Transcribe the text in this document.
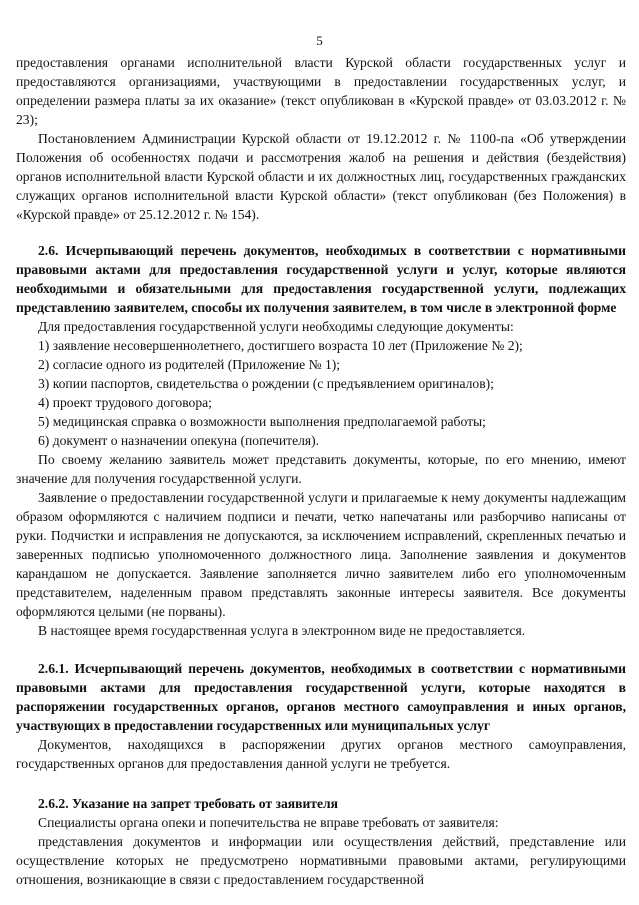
5

предоставления органами исполнительной власти Курской области государственных услуг и предоставляются организациями, участвующими в предоставлении государственных услуг, и определении размера платы за их оказание» (текст опубликован в «Курской правде» от 03.03.2012 г. № 23);

Постановлением Администрации Курской области от 19.12.2012 г. № 1100-па «Об утверждении Положения об особенностях подачи и рассмотрения жалоб на решения и действия (бездействия) органов исполнительной власти Курской области и их должностных лиц, государственных гражданских служащих органов исполнительной власти Курской области» (текст опубликован (без Положения) в «Курской правде» от 25.12.2012 г. № 154).

2.6. Исчерпывающий перечень документов, необходимых в соответствии с нормативными правовыми актами для предоставления государственной услуги и услуг, которые являются необходимыми и обязательными для предоставления государственной услуги, подлежащих представлению заявителем, способы их получения заявителем, в том числе в электронной форме

Для предоставления государственной услуги необходимы следующие документы:

1) заявление несовершеннолетнего, достигшего возраста 10 лет (Приложение № 2);

2) согласие одного из родителей (Приложение № 1);

3) копии паспортов, свидетельства о рождении (с предъявлением оригиналов);

4) проект трудового договора;

5) медицинская справка о возможности выполнения предполагаемой работы;

6) документ о назначении опекуна (попечителя).

По своему желанию заявитель может представить документы, которые, по его мнению, имеют значение для получения государственной услуги.

Заявление о предоставлении государственной услуги и прилагаемые к нему документы надлежащим образом оформляются с наличием подписи и печати, четко напечатаны или разборчиво написаны от руки. Подчистки и исправления не допускаются, за исключением исправлений, скрепленных печатью и заверенных подписью уполномоченного должностного лица. Заполнение заявления и документов карандашом не допускается. Заявление заполняется лично заявителем либо его уполномоченным представителем, наделенным правом представлять законные интересы заявителя. Все документы оформляются целыми (не порваны).

В настоящее время государственная услуга в электронном виде не предоставляется.

2.6.1. Исчерпывающий перечень документов, необходимых в соответствии с нормативными правовыми актами для предоставления государственной услуги, которые находятся в распоряжении государственных органов, органов местного самоуправления и иных органов, участвующих в предоставлении государственных или муниципальных услуг

Документов, находящихся в распоряжении других органов местного самоуправления, государственных органов для предоставления данной услуги не требуется.

2.6.2. Указание на запрет требовать от заявителя

Специалисты органа опеки и попечительства не вправе требовать от заявителя:

представления документов и информации или осуществления действий, представление или осуществление которых не предусмотрено нормативными правовыми актами, регулирующими отношения, возникающие в связи с предоставлением государственной
